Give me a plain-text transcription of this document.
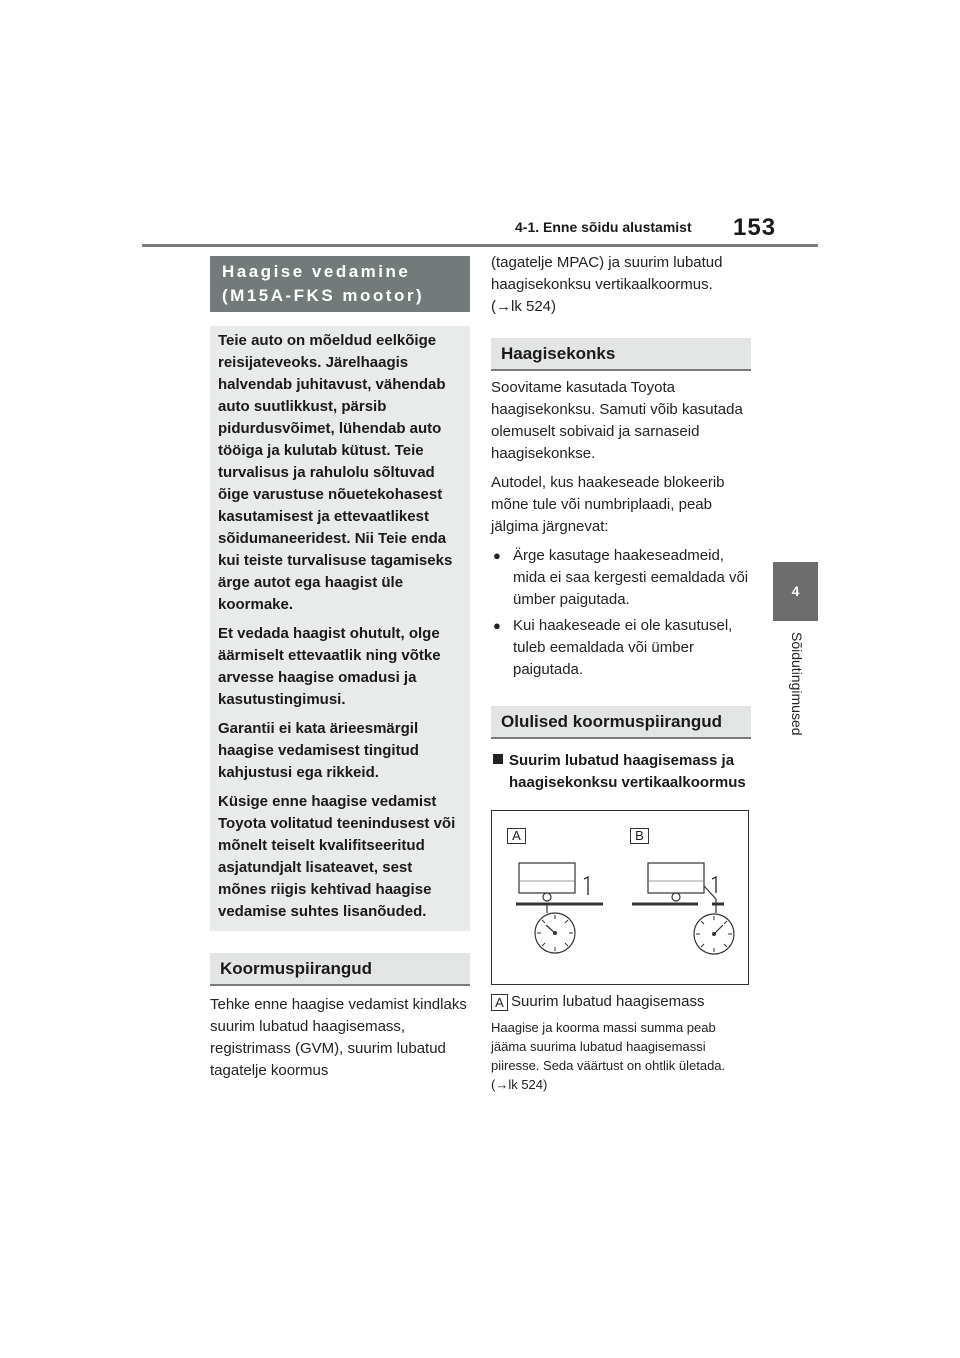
4-1. Enne sõidu alustamist 153
4
Sõidutingimused
Haagise vedamine (M15A-FKS mootor)

Teie auto on mõeldud eelkõige reisijateveoks. Järelhaagis halvendab juhitavust, vähendab auto suutlikkust, pärsib pidurdusvõimet, lühendab auto tööiga ja kulutab kütust. Teie turvalisus ja rahulolu sõltuvad õige varustuse nõuetekohasest kasutamisest ja ettevaatlikest sõidumaneeridest. Nii Teie enda kui teiste turvalisuse tagamiseks ärge autot ega haagist üle koormake.

Et vedada haagist ohutult, olge äärmiselt ettevaatlik ning võtke arvesse haagise omadusi ja kasutustingimusi.

Garantii ei kata ärieesmärgil haagise vedamisest tingitud kahjustusi ega rikkeid.

Küsige enne haagise vedamist Toyota volitatud teenindusest või mõnelt teiselt kvalifitseeritud asjatundjalt lisateavet, sest mõnes riigis kehtivad haagise vedamise suhtes lisanõuded.

Koormuspiirangud

Tehke enne haagise vedamist kindlaks suurim lubatud haagisemass, registrimass (GVM), suurim lubatud tagatelje koormus

(tagatelje MPAC) ja suurim lubatud haagisekonksu vertikaalkoormus.

(→lk 524)

Haagisekonks

Soovitame kasutada Toyota haagisekonksu. Samuti võib kasutada olemuselt sobivaid ja sarnaseid haagisekonkse.

Autodel, kus haakeseade blokeerib mõne tule või numbriplaadi, peab jälgima järgnevat:

● Ärge kasutage haakeseadmeid, mida ei saa kergesti eemaldada või ümber paigutada.

● Kui haakeseade ei ole kasutusel, tuleb eemaldada või ümber paigutada.

Olulised koormuspiirangud

Suurim lubatud haagisemass ja haagisekonksu vertikaalkoormus

A	B

A Suurim lubatud haagisemass

Haagise ja koorma massi summa peab jääma suurima lubatud haagisemassi piiresse. Seda väärtust on ohtlik ületada. (→lk 524)
